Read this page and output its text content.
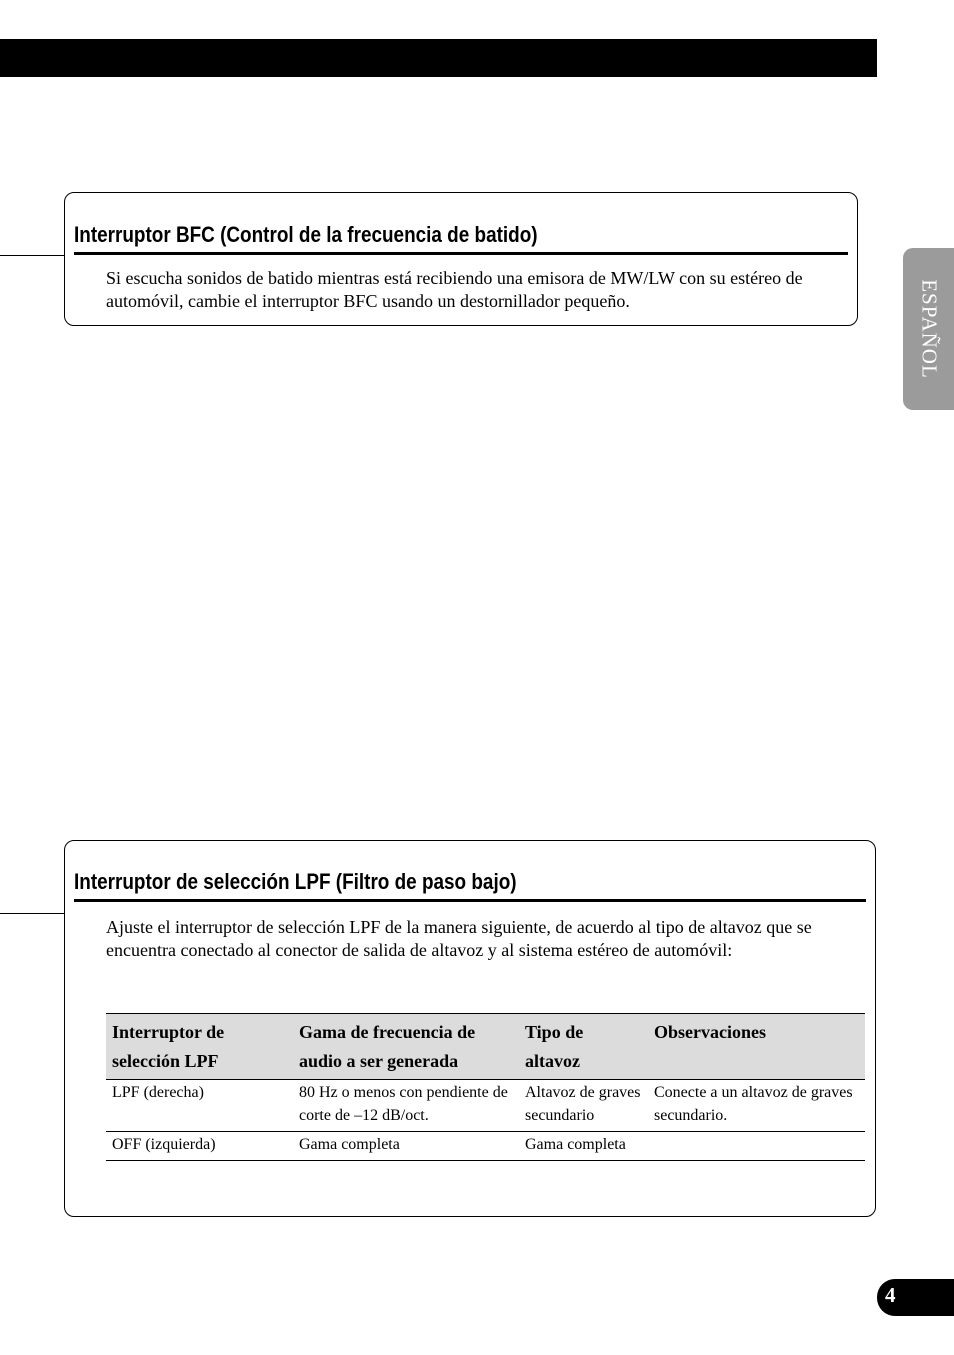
ESPAÑOL
Interruptor BFC (Control de la frecuencia de batido)

Si escucha sonidos de batido mientras está recibiendo una emisora de MW/LW con su estéreo de automóvil, cambie el interruptor BFC usando un destornillador pequeño.

Interruptor de selección LPF (Filtro de paso bajo)

Ajuste el interruptor de selección LPF de la manera siguiente, de acuerdo al tipo de altavoz que se encuentra conectado al conector de salida de altavoz y al sistema estéreo de automóvil:

Interruptor de selección LPF	Gama de frecuencia de audio a ser generada	Tipo de altavoz	Observaciones
LPF (derecha)	80 Hz o menos con pendiente de corte de –12 dB/oct.	Altavoz de graves secundario	Conecte a un altavoz de graves secundario.
OFF (izquierda)	Gama completa	Gama completa	
4
